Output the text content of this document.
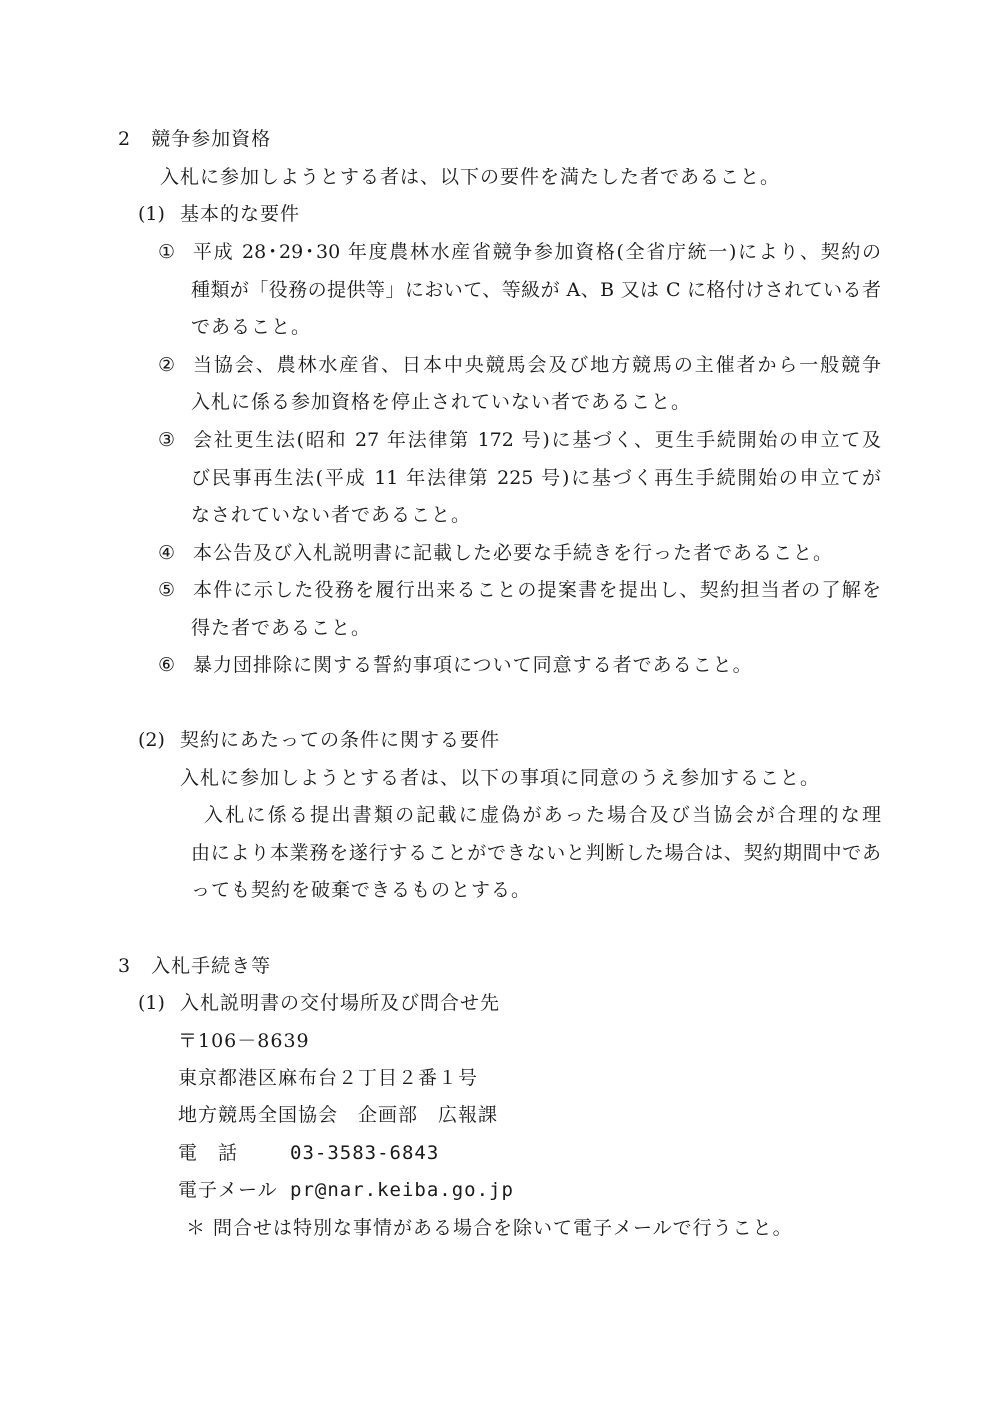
2　競争参加資格
入札に参加しようとする者は、以下の要件を満たした者であること。
(1) 基本的な要件
① 平成 28･29･30 年度農林水産省競争参加資格(全省庁統一)により、契約の
種類が「役務の提供等」において、等級が A、B 又は C に格付けされている者
であること。
② 当協会、農林水産省、日本中央競馬会及び地方競馬の主催者から一般競争
入札に係る参加資格を停止されていない者であること。
③ 会社更生法(昭和 27 年法律第 172 号)に基づく、更生手続開始の申立て及
び民事再生法(平成 11 年法律第 225 号)に基づく再生手続開始の申立てが
なされていない者であること。
④ 本公告及び入札説明書に記載した必要な手続きを行った者であること。
⑤ 本件に示した役務を履行出来ることの提案書を提出し、契約担当者の了解を
得た者であること。
⑥ 暴力団排除に関する誓約事項について同意する者であること。
(2) 契約にあたっての条件に関する要件
入札に参加しようとする者は、以下の事項に同意のうえ参加すること。
入札に係る提出書類の記載に虚偽があった場合及び当協会が合理的な理
由により本業務を遂行することができないと判断した場合は、契約期間中であ
っても契約を破棄できるものとする。
3　入札手続き等
(1) 入札説明書の交付場所及び問合せ先
〒106－8639
東京都港区麻布台２丁目２番１号
地方競馬全国協会　企画部　広報課
電　話	03-3583-6843
電子メール pr@nar.keiba.go.jp
＊ 問合せは特別な事情がある場合を除いて電子メールで行うこと。
